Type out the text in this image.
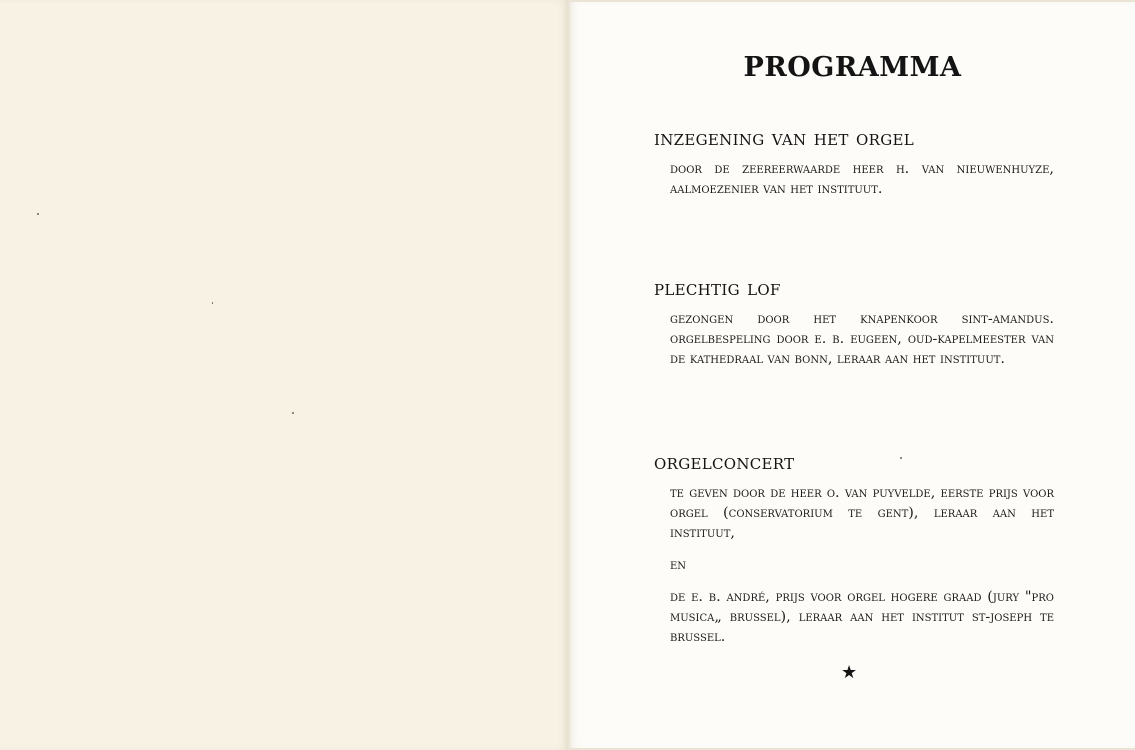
PROGRAMMA
inzegening van het orgel

door de zeereerwaarde heer h. van nieuwenhuyze, aalmoezenier van het instituut.

plechtig lof

gezongen door het knapenkoor sint-amandus. orgelbespeling door e. b. eugeen, oud-kapelmeester van de kathedraal van bonn, leraar aan het instituut.

orgelconcert

te geven door de heer o. van puyvelde, eerste prijs voor orgel (conservatorium te gent), leraar aan het instituut,

en

de e. b. andré, prijs voor orgel hogere graad (jury "pro musica„ brussel), leraar aan het institut st-joseph te brussel.

★
